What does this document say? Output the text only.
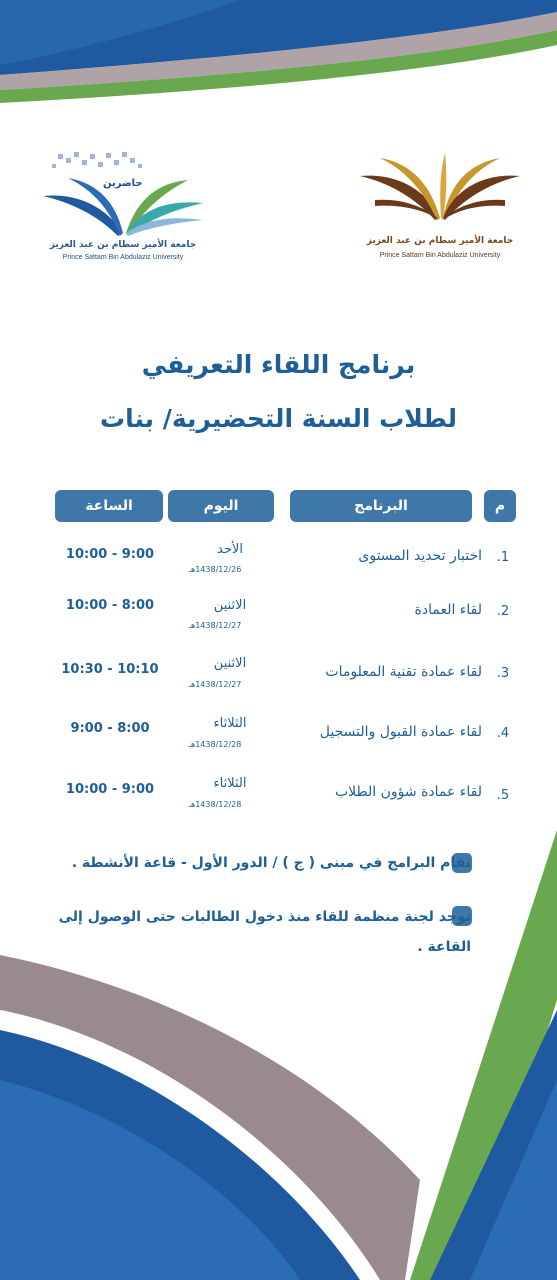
جامعة الأمير سطام بن عبد العزيز
Prince Sattam Bin Abdulaziz University
حاضرين
جامعة الأمير سطام بن عبد العزيز
Prince Sattam Bin Abdulaziz University
برنامج اللقاء التعريفي
لطلاب السنة التحضيرية/ بنات
م
البرنامج
اليوم
الساعة
.1
اختبار تحديد المستوى
الأحد
1438/12/26هـ
10:00 - 9:00
.2
لقاء العمادة
الاثنين
1438/12/27هـ
10:00 - 8:00
.3
لقاء عمادة تقنية المعلومات
الاثنين
1438/12/27هـ
10:30 - 10:10
.4
لقاء عمادة القبول والتسجيل
الثلاثاء
1438/12/28هـ
9:00 - 8:00
.5
لقاء عمادة شؤون الطلاب
الثلاثاء
1438/12/28هـ
10:00 - 9:00
تقام البرامج في مبنى ( ج ) / الدور الأول - قاعة الأنشطة .
توجد لجنة منظمة للقاء منذ دخول الطالبات حتى الوصول إلى القاعة .
